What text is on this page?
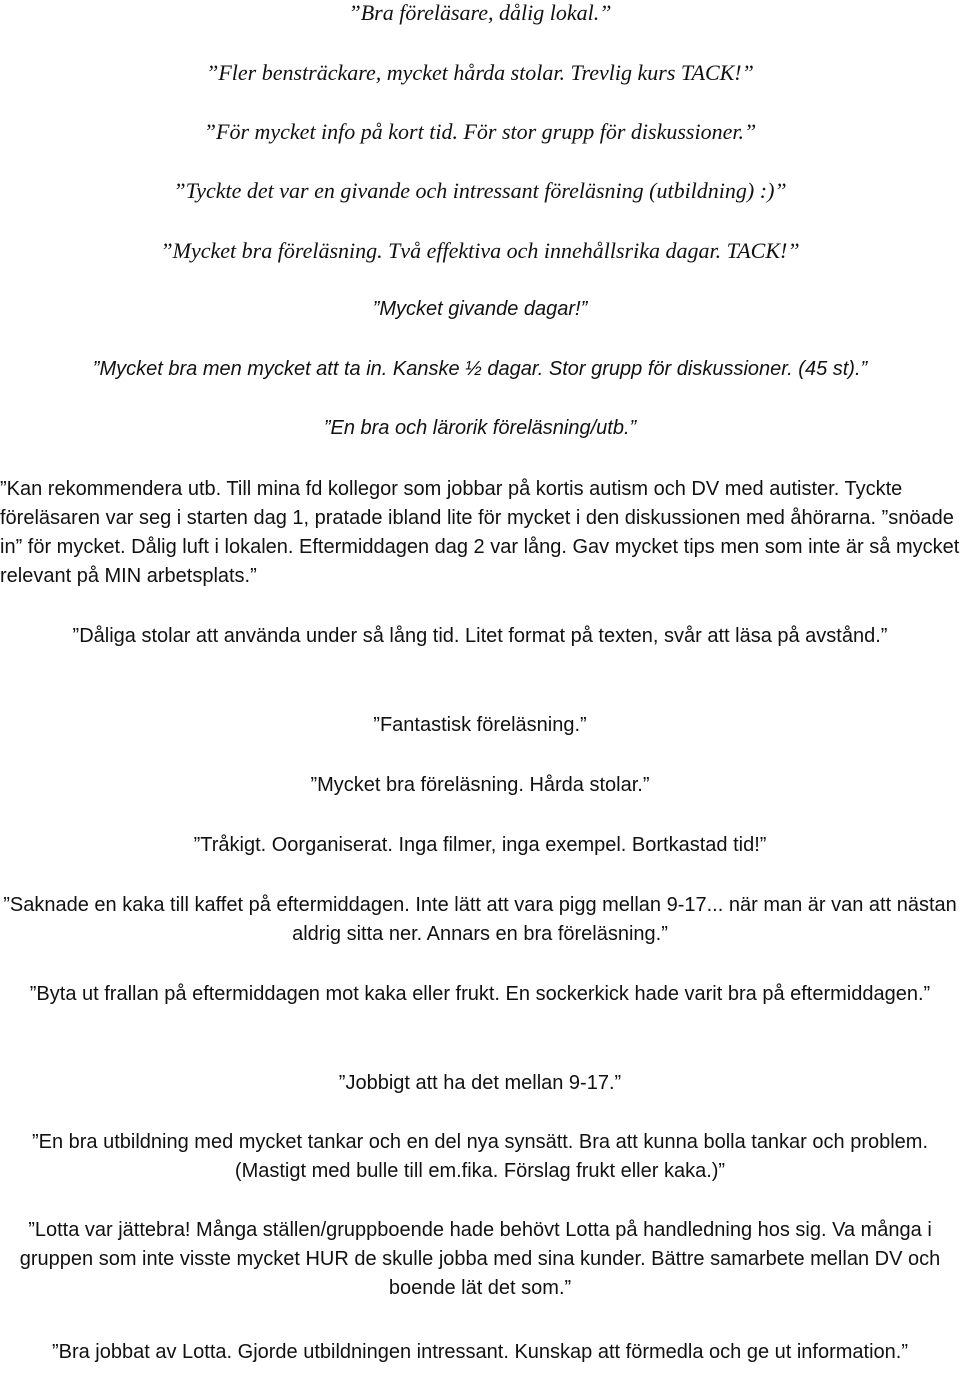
”Bra föreläsare, dålig lokal.”

”Fler bensträckare, mycket hårda stolar. Trevlig kurs TACK!”

”För mycket info på kort tid. För stor grupp för diskussioner.”

”Tyckte det var en givande och intressant föreläsning (utbildning) :)”

”Mycket bra föreläsning. Två effektiva och innehållsrika dagar. TACK!”

”Mycket givande dagar!”

”Mycket bra men mycket att ta in. Kanske ½ dagar. Stor grupp för diskussioner. (45 st).”

”En bra och lärorik föreläsning/utb.”

”Kan rekommendera utb. Till mina fd kollegor som jobbar på kortis autism och DV med autister. Tyckte föreläsaren var seg i starten dag 1, pratade ibland lite för mycket i den diskussionen med åhörarna. ”snöade in” för mycket. Dålig luft i lokalen. Eftermiddagen dag 2 var lång. Gav mycket tips men som inte är så mycket relevant på MIN arbetsplats.”

”Dåliga stolar att använda under så lång tid. Litet format på texten, svår att läsa på avstånd.”

”Fantastisk föreläsning.”

”Mycket bra föreläsning. Hårda stolar.”

”Tråkigt. Oorganiserat. Inga filmer, inga exempel. Bortkastad tid!”

”Saknade en kaka till kaffet på eftermiddagen. Inte lätt att vara pigg mellan 9-17... när man är van att nästan aldrig sitta ner. Annars en bra föreläsning.”

”Byta ut frallan på eftermiddagen mot kaka eller frukt. En sockerkick hade varit bra på eftermiddagen.”

”Jobbigt att ha det mellan 9-17.”

”En bra utbildning med mycket tankar och en del nya synsätt. Bra att kunna bolla tankar och problem. (Mastigt med bulle till em.fika. Förslag frukt eller kaka.)”

”Lotta var jättebra! Många ställen/gruppboende hade behövt Lotta på handledning hos sig. Va många i gruppen som inte visste mycket HUR de skulle jobba med sina kunder. Bättre samarbete mellan DV och boende lät det som.”

”Bra jobbat av Lotta. Gjorde utbildningen intressant. Kunskap att förmedla och ge ut information.”
